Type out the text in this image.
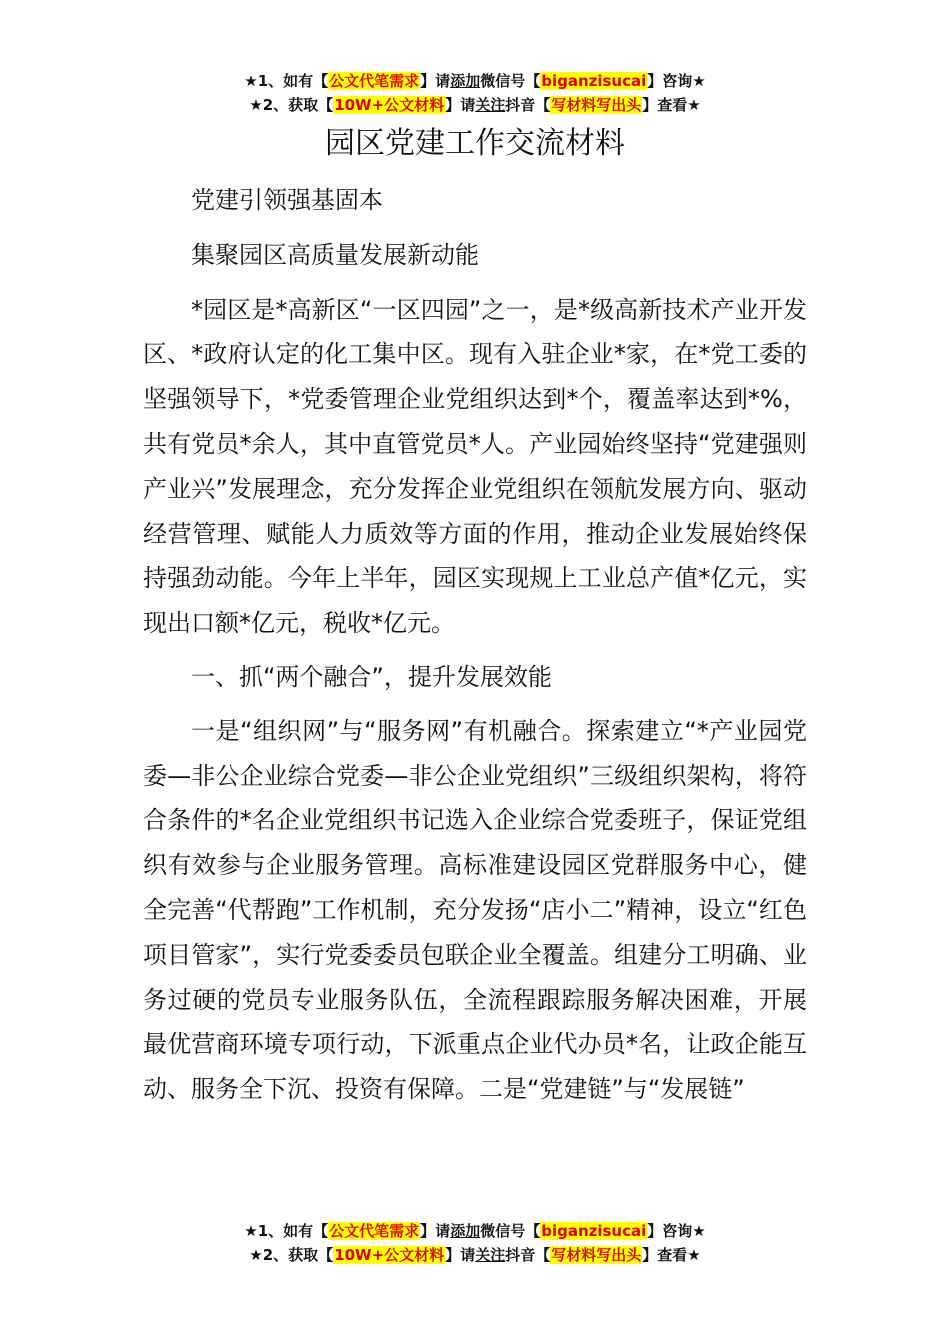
★1、如有【公文代笔需求】请添加微信号【biganzisucai】咨询★
★2、获取【10W+公文材料】请关注抖音【写材料写出头】查看★
园区党建工作交流材料

党建引领强基固本

集聚园区高质量发展新动能

*园区是*高新区“一区四园”之一，是*级高新技术产业开发区、*政府认定的化工集中区。现有入驻企业*家，在*党工委的坚强领导下，*党委管理企业党组织达到*个，覆盖率达到*%，共有党员*余人，其中直管党员*人。产业园始终坚持“党建强则产业兴”发展理念，充分发挥企业党组织在领航发展方向、驱动经营管理、赋能人力质效等方面的作用，推动企业发展始终保持强劲动能。今年上半年，园区实现规上工业总产值*亿元，实现出口额*亿元，税收*亿元。

一、抓“两个融合”，提升发展效能

一是“组织网”与“服务网”有机融合。探索建立“*产业园党委—非公企业综合党委—非公企业党组织”三级组织架构，将符合条件的*名企业党组织书记选入企业综合党委班子，保证党组织有效参与企业服务管理。高标准建设园区党群服务中心，健全完善“代帮跑”工作机制，充分发扬“店小二”精神，设立“红色项目管家”，实行党委委员包联企业全覆盖。组建分工明确、业务过硬的党员专业服务队伍，全流程跟踪服务解决困难，开展最优营商环境专项行动，下派重点企业代办员*名，让政企能互动、服务全下沉、投资有保障。二是“党建链”与“发展链”

★1、如有【公文代笔需求】请添加微信号【biganzisucai】咨询★
★2、获取【10W+公文材料】请关注抖音【写材料写出头】查看★
